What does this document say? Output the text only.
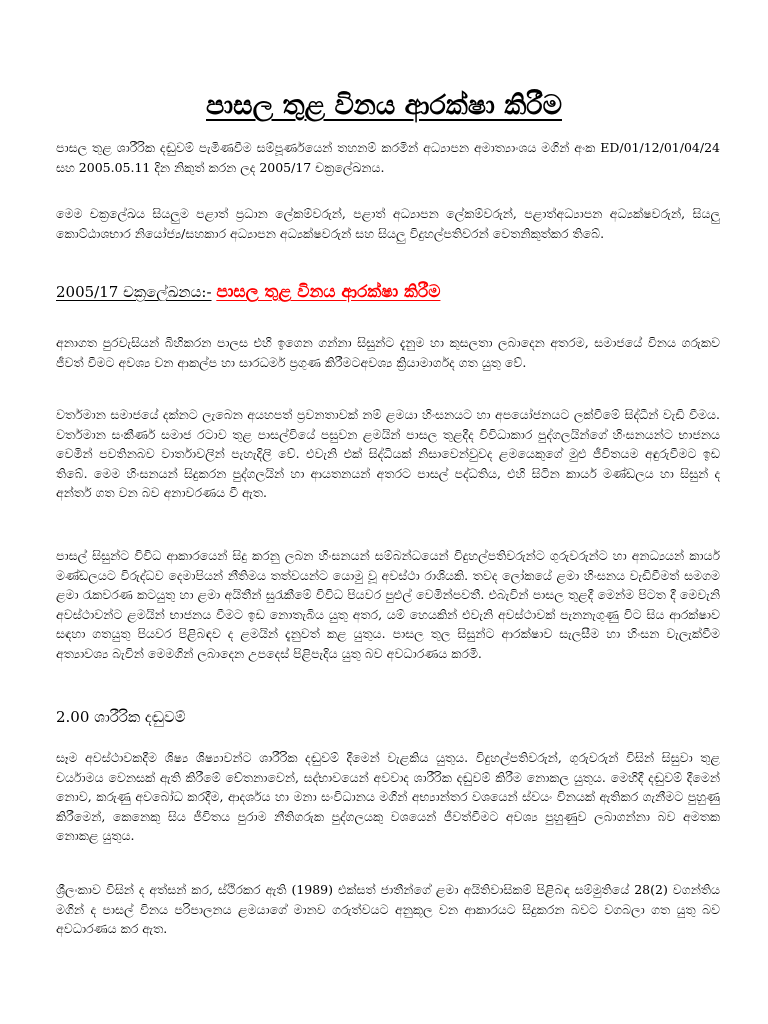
පාසල තුළ විනය ආරක්ෂා කිරීම

පාසල තුළ ශාරීරික දඬුවම් පැමිණවීම සම්පූර්ණයෙන් තහනම් කරමින් අධ්‍යාපන අමාත්‍යාංශය මගින් අංක ED/01/12/01/04/24 සහ 2005.05.11 දින නිකුත් කරන ලද 2005/17 චක්‍රලේඛනය.

මෙම චක්‍රලේඛය සියලුම පළාත් ප්‍රධාන ලේකම්වරුන්, පළාත් අධ්‍යාපන ලේකම්වරුන්, පළාත්අධ්‍යාපන අධ්‍යක්ෂවරුන්, සියලු කොට්ඨාශභාර නියෝජ්‍ය/සහකාර අධ්‍යාපන අධ්‍යක්ෂවරුන් සහ සියලු විදුහල්පතිවරන් වෙතනිකුත්කර තිබේ.

2005/17 චක්‍රලේඛනය:- පාසල තුළ විනය ආරක්ෂා කිරීම

අනාගත පුරවැසියන් බිහිකරන පාලස එහි ඉගෙන ගන්නා සිසුන්ට දැනුම හා කුසලතා ලබාදෙන අතරම, සමාජයේ විනය ගරුකව ජීවත් වීමට අවශ්‍ය වන ආකල්ප හා සාරධර්ම ප්‍රගුණ කිරීමටඅවශ්‍ය ක්‍රියාමාර්ගද ගත යුතු වේ.

වර්තමාන සමාජයේ දක්නට ලැබෙන අයහපත් ප්‍රවනතාවක් නම් ළමයා හිංසනයට හා අපයෝජනයට ලක්වීමේ සිද්ධීන් වැඩි වීමය. වර්තමාන සංකීර්ණ සමාජ රටාව තුළ පාසල්වියේ පසුවන ළමයින් පාසල තුළදීද විවිධාකාර පුද්ගලයින්ගේ හිංසනයන්ට භාජනය වෙමින් පවතිනබව වාර්තාවලින් පැහැදිලි වේ. එවැනි එක් සිද්ධියක් නිසාවෙන්වුවද ළමයෙකුගේ මුළු ජීවිතයම අඳුරුවීමට ඉඩ තිබේ. මෙම හිංසනයන් සිදුකරන පුද්ගලයින් හා ආයතනයන් අතරට පාසල් පද්ධතිය, එහි සිටින කාර්ය මණ්ඩලය හා සිසුන් ද අන්තර් ගත වන බව අනාවරණය වී ඇත.

පාසල් සිසුන්ට විවිධ ආකාරයෙන් සිදු කරනු ලබන හිංසනයන් සම්බන්ධයෙන් විදුහල්පතිවරුන්ට ගුරුවරුන්ට හා අනධ්‍යයන් කාර්ය මණ්ඩලයට විරුද්ධව දෙමාපියන් නීතිමය තත්වයන්ට යොමු වූ අවස්ථා රාශියකි. තවද ලෝකයේ ළමා හිංසනය වැඩිවීමත් සමගම ළමා රැකවරණ කටයුතු හා ළමා අයිතීන් සුරැකීමේ විවිධ පියවර පුළුල් වෙමින්පවතී. එබැවින් පාසල තුළදී මෙන්ම පිටත දී මෙවැනි අවස්ථාවන්ට ළමයින් භාජනය වීමට ඉඩ නොතැබිය යුතු අතර, යම් හෙයකින් එවැනි අවස්ථාවක් පැනනැගුණු විට සිය ආරක්ෂාව සඳහා ගතයුතු පියවර පිළිබඳව ද ළමයින් දැනුවත් කළ යුතුය. පාසල තුල සිසුන්ට ආරක්ෂාව සැලසීම හා හිංසන වැලැක්වීම අත්‍යාවශ්‍ය බැවින් මෙමගින් ලබාදෙන උපදෙස් පිළිපැදිය යුතු බව අවධාරණය කරමි.

2.00 ශාරීරික දඬුවම්

සෑම අවස්ථාවකදීම ශිෂ්‍ය ශිෂ්‍යාවන්ට ශාරීරික දඬුවම් දීමෙන් වැළකිය යුතුය. විදුහල්පතිවරුන්, ගුරුවරුන් විසින් සිසුවා තුළ චර්යාමය වෙනසක් ඇති කිරීමේ චේතනාවෙන්, සද්භාවයෙන් අවවාද ශාරීරික දඬුවම් කිරීම නොකල යුතුය. මෙහිදී දඬුවම් දීමෙන් නොව, කරුණු අවබෝධ කරදීම, ආදර්ශය හා මනා සංවිධානය මගින් අභ්‍යාන්තර වශයෙන් ස්වයං විනයක් ඇතිකර ගැනීමට පුහුණු කිරීමෙන්, කෙනෙකු සිය ජීවිතය පුරාම නීතිගරුක පුද්ගලයකු වශයෙන් ජීවත්වීමට අවශ්‍ය පුහුණුව ලබාගන්නා බව අමතක නොකළ යුතුය.

ශ්‍රීලංකාව විසින් ද අත්සන් කර, ස්ථිරකර ඇති (1989) එක්සත් ජාතීන්ගේ ළමා අයිතිවාසිකම් පිළිබඳ සම්මුතියේ 28(2) වගන්තිය මගින් ද පාසල් විනය පරිපාලනය ළමයාගේ මානව ගරුත්වයට අනුකූල වන ආකාරයට සිදුකරන බවට වගබලා ගත යුතු බව අවධාරණය කර ඇත.
